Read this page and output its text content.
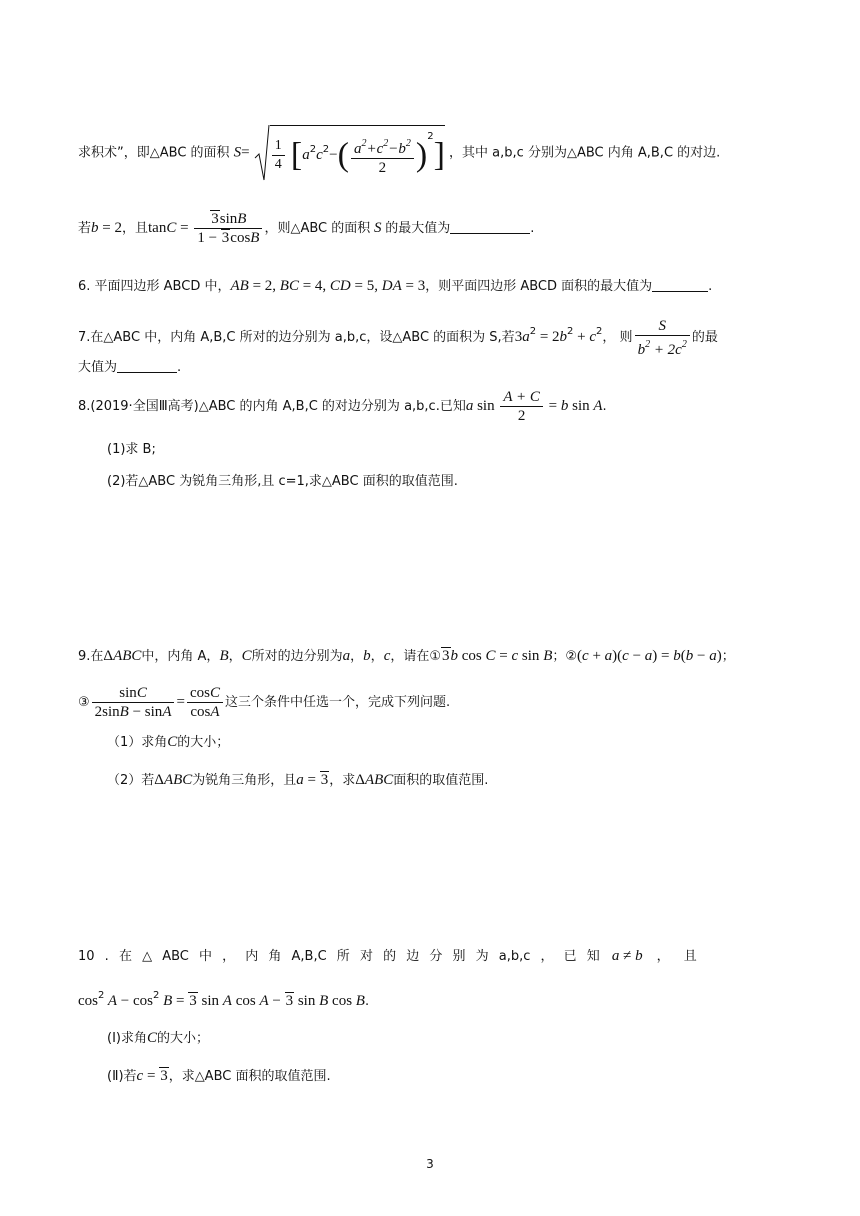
求积术”，即△ABC 的面积 $S= \frac{1}{4} [a^2c^2-( \frac{a^2+c^2-b^2}{2} )^2]$ ，其中 a,b,c 分别为△ABC 内角 A,B,C 的对边.
若b = 2，且$\tan C = \frac{3\sin B}{1 - 3\cos B}$ ，则△ABC 的面积 S 的最大值为	.
6. 平面四边形 ABCD 中，AB = 2, BC = 4, CD = 5, DA = 3，则平面四边形 ABCD 面积的最大值为	.
7.在△ABC 中，内角 A,B,C 所对的边分别为 a,b,c，设△ABC 的面积为 S,若$3a^2 = 2b^2 + c^2$， 则 $\frac{S}{b^2 + 2c^2}$ 的最
大值为	.
8.(2019·全国Ⅲ高考)△ABC 的内角 A,B,C 的对边分别为 a,b,c.已知a $\sin \frac{A + C}{2} = b$ sin A.
(1)求 B;
(2)若△ABC 为锐角三角形,且 c=1,求△ABC 面积的取值范围.
9.在ΔABC中，内角 A，B，C所对的边分别为a，b，c，请在①3b cos C = c sin B；②(c + a)(c − a) = b(b − a)；
③ $\frac{\sin C}{2\sin B - \sin A} = \frac{\cos C}{\cos A}$ 这三个条件中任选一个，完成下列问题.
（1）求角C的大小；
（2）若ΔABC为锐角三角形，且a = 3，求ΔABC面积的取值范围.
10 . 在 △ ABC 中 ， 内 角 A,B,C 所 对 的 边 分 别 为 a,b,c ， 已 知 a ≠ b ， 且
$\cos^2 A - \cos^2 B = 3$ sin A cos A − 3 sin B cos B.
(Ⅰ)求角C的大小；
(Ⅱ)若c = 3，求△ABC 面积的取值范围.
3
